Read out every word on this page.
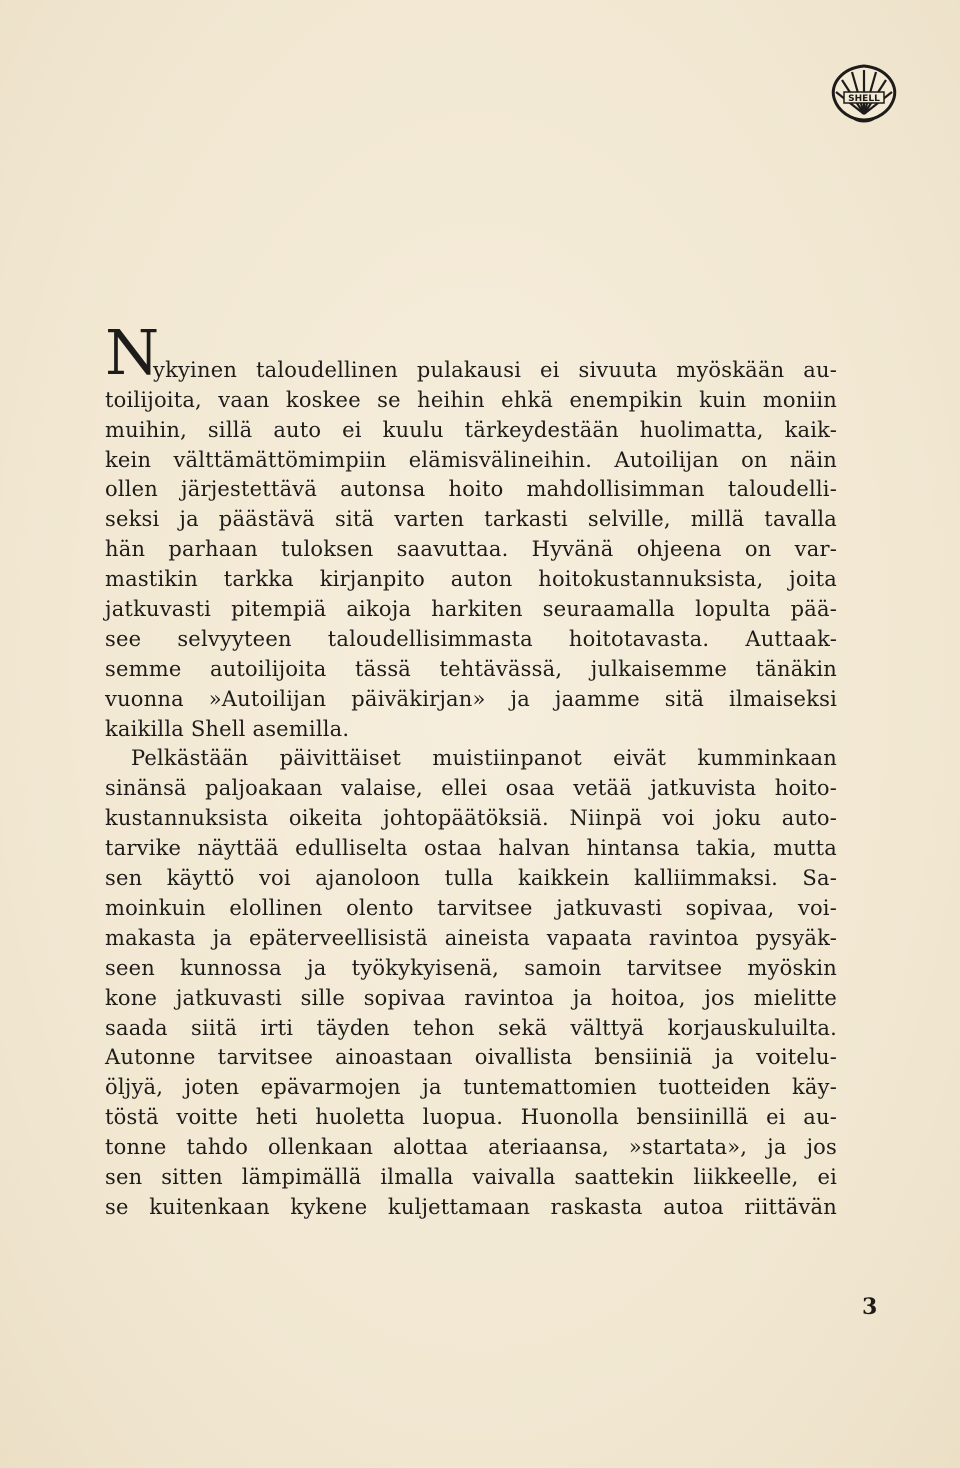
SHELL
N
ykyinen taloudellinen pulakausi ei sivuuta myöskään au-
toilijoita, vaan koskee se heihin ehkä enempikin kuin moniin
muihin, sillä auto ei kuulu tärkeydestään huolimatta, kaik-
kein välttämättömimpiin elämisvälineihin. Autoilijan on näin
ollen järjestettävä autonsa hoito mahdollisimman taloudelli-
seksi ja päästävä sitä varten tarkasti selville, millä tavalla
hän parhaan tuloksen saavuttaa. Hyvänä ohjeena on var-
mastikin tarkka kirjanpito auton hoitokustannuksista, joita
jatkuvasti pitempiä aikoja harkiten seuraamalla lopulta pää-
see selvyyteen taloudellisimmasta hoitotavasta. Auttaak-
semme autoilijoita tässä tehtävässä, julkaisemme tänäkin
vuonna »Autoilijan päiväkirjan» ja jaamme sitä ilmaiseksi
kaikilla Shell asemilla.
Pelkästään päivittäiset muistiinpanot eivät kumminkaan
sinänsä paljoakaan valaise, ellei osaa vetää jatkuvista hoito-
kustannuksista oikeita johtopäätöksiä. Niinpä voi joku auto-
tarvike näyttää edulliselta ostaa halvan hintansa takia, mutta
sen käyttö voi ajanoloon tulla kaikkein kalliimmaksi. Sa-
moinkuin elollinen olento tarvitsee jatkuvasti sopivaa, voi-
makasta ja epäterveellisistä aineista vapaata ravintoa pysyäk-
seen kunnossa ja työkykyisenä, samoin tarvitsee myöskin
kone jatkuvasti sille sopivaa ravintoa ja hoitoa, jos mielitte
saada siitä irti täyden tehon sekä välttyä korjauskuluilta.
Autonne tarvitsee ainoastaan oivallista bensiiniä ja voitelu-
öljyä, joten epävarmojen ja tuntemattomien tuotteiden käy-
töstä voitte heti huoletta luopua. Huonolla bensiinillä ei au-
tonne tahdo ollenkaan alottaa ateriaansa, »startata», ja jos
sen sitten lämpimällä ilmalla vaivalla saattekin liikkeelle, ei
se kuitenkaan kykene kuljettamaan raskasta autoa riittävän
3
